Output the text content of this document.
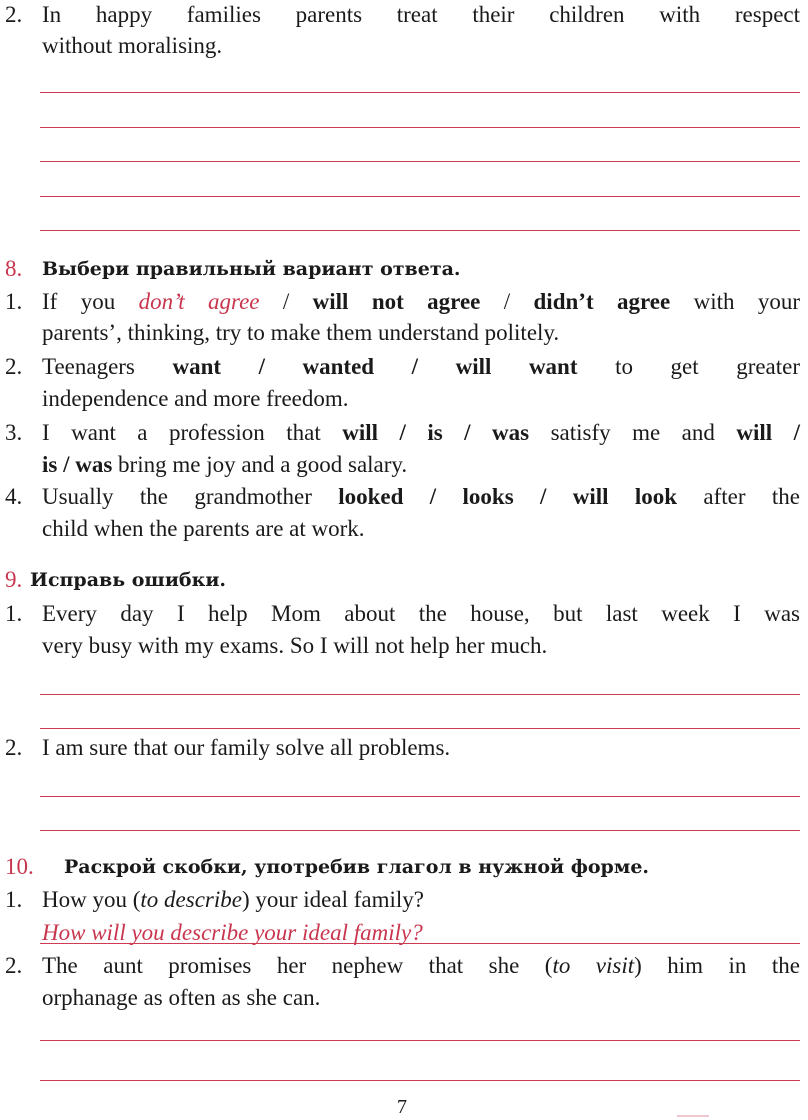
2. In happy families parents treat their children with respect
without moralising.
8. Выбери правильный вариант ответа.
1. If you don’t agree / will not agree / didn’t agree with your
parents’, thinking, try to make them understand politely.
2. Teenagers want / wanted / will want to get greater
independence and more freedom.
3. I want a profession that will / is / was satisfy me and will /
is / was bring me joy and a good salary.
4. Usually the grandmother looked / looks / will look after the
child when the parents are at work.
9. Исправь ошибки.
1. Every day I help Mom about the house, but last week I was
very busy with my exams. So I will not help her much.
2. I am sure that our family solve all problems.
10. Раскрой скобки, употребив глагол в нужной форме.
1. How you (to describe) your ideal family?
How will you describe your ideal family?
2. The aunt promises her nephew that she (to visit) him in the
orphanage as often as she can.
7
